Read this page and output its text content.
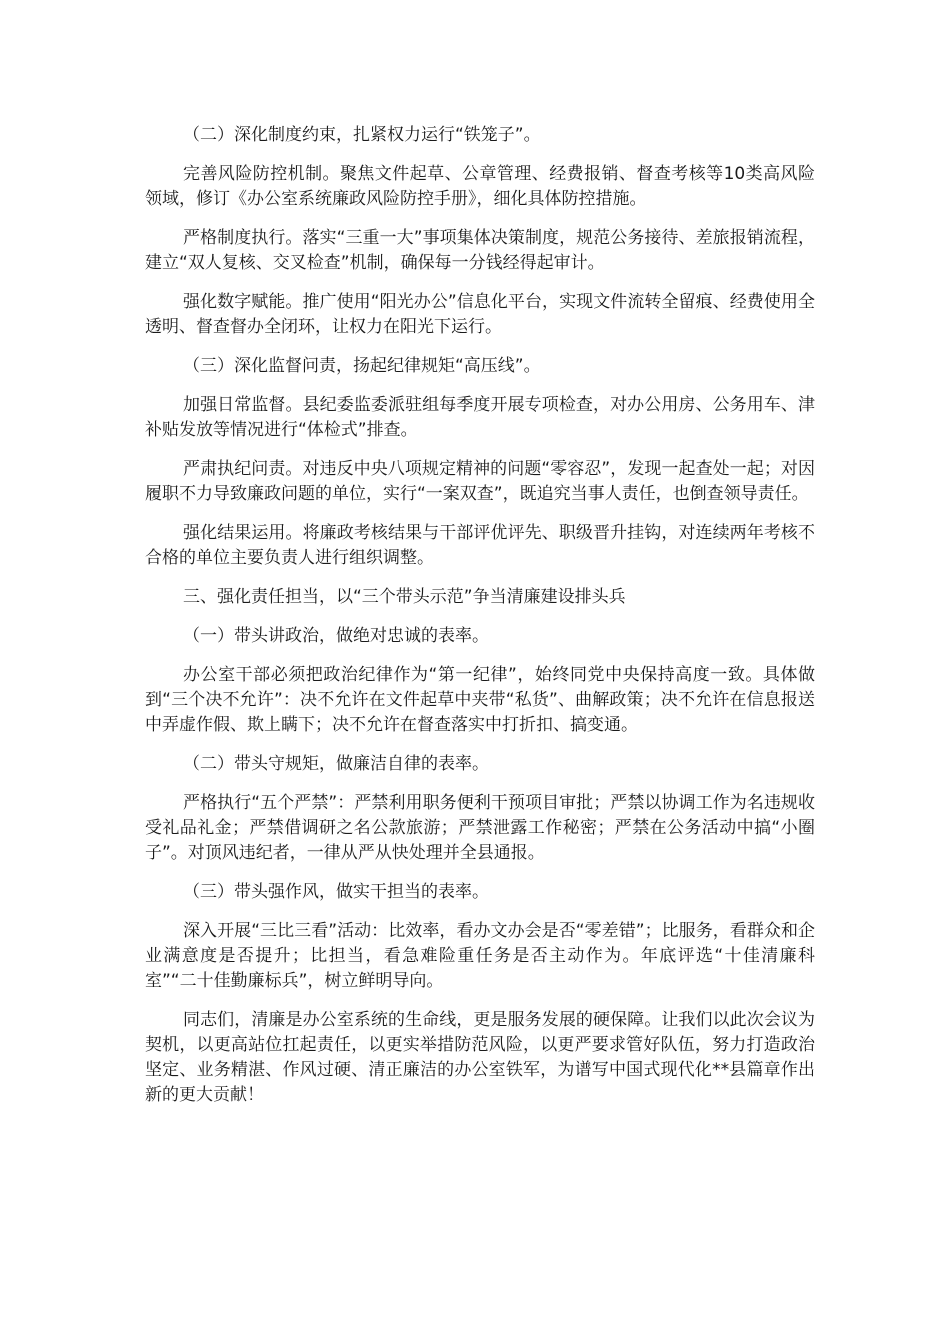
（二）深化制度约束，扎紧权力运行“铁笼子”。

完善风险防控机制。聚焦文件起草、公章管理、经费报销、督查考核等10类高风险领域，修订《办公室系统廉政风险防控手册》，细化具体防控措施。

严格制度执行。落实“三重一大”事项集体决策制度，规范公务接待、差旅报销流程，建立“双人复核、交叉检查”机制，确保每一分钱经得起审计。

强化数字赋能。推广使用“阳光办公”信息化平台，实现文件流转全留痕、经费使用全透明、督查督办全闭环，让权力在阳光下运行。

（三）深化监督问责，扬起纪律规矩“高压线”。

加强日常监督。县纪委监委派驻组每季度开展专项检查，对办公用房、公务用车、津补贴发放等情况进行“体检式”排查。

严肃执纪问责。对违反中央八项规定精神的问题“零容忍”，发现一起查处一起；对因履职不力导致廉政问题的单位，实行“一案双查”，既追究当事人责任，也倒查领导责任。

强化结果运用。将廉政考核结果与干部评优评先、职级晋升挂钩，对连续两年考核不合格的单位主要负责人进行组织调整。

三、强化责任担当，以“三个带头示范”争当清廉建设排头兵

（一）带头讲政治，做绝对忠诚的表率。

办公室干部必须把政治纪律作为“第一纪律”，始终同党中央保持高度一致。具体做到“三个决不允许”：决不允许在文件起草中夹带“私货”、曲解政策；决不允许在信息报送中弄虚作假、欺上瞒下；决不允许在督查落实中打折扣、搞变通。

（二）带头守规矩，做廉洁自律的表率。

严格执行“五个严禁”：严禁利用职务便利干预项目审批；严禁以协调工作为名违规收受礼品礼金；严禁借调研之名公款旅游；严禁泄露工作秘密；严禁在公务活动中搞“小圈子”。对顶风违纪者，一律从严从快处理并全县通报。

（三）带头强作风，做实干担当的表率。

深入开展“三比三看”活动：比效率，看办文办会是否“零差错”；比服务，看群众和企业满意度是否提升；比担当，看急难险重任务是否主动作为。年底评选“十佳清廉科室”“二十佳勤廉标兵”，树立鲜明导向。

同志们，清廉是办公室系统的生命线，更是服务发展的硬保障。让我们以此次会议为契机，以更高站位扛起责任，以更实举措防范风险，以更严要求管好队伍，努力打造政治坚定、业务精湛、作风过硬、清正廉洁的办公室铁军，为谱写中国式现代化**县篇章作出新的更大贡献！
